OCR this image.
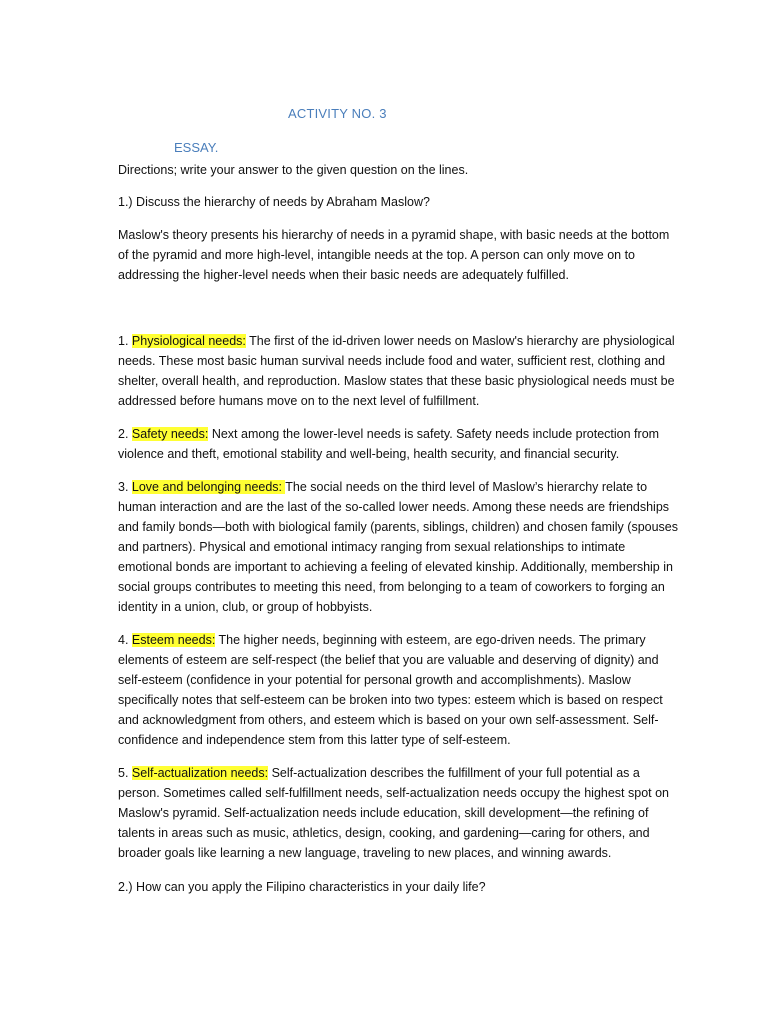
ACTIVITY NO. 3
ESSAY.

Directions; write your answer to the given question on the lines.

1.) Discuss the hierarchy of needs by Abraham Maslow?

Maslow's theory presents his hierarchy of needs in a pyramid shape, with basic needs at the bottom of the pyramid and more high-level, intangible needs at the top. A person can only move on to addressing the higher-level needs when their basic needs are adequately fulfilled.

1. Physiological needs: The first of the id-driven lower needs on Maslow's hierarchy are physiological needs. These most basic human survival needs include food and water, sufficient rest, clothing and shelter, overall health, and reproduction. Maslow states that these basic physiological needs must be addressed before humans move on to the next level of fulfillment.

2. Safety needs: Next among the lower-level needs is safety. Safety needs include protection from violence and theft, emotional stability and well-being, health security, and financial security.

3. Love and belonging needs: The social needs on the third level of Maslow’s hierarchy relate to human interaction and are the last of the so-called lower needs. Among these needs are friendships and family bonds—both with biological family (parents, siblings, children) and chosen family (spouses and partners). Physical and emotional intimacy ranging from sexual relationships to intimate emotional bonds are important to achieving a feeling of elevated kinship. Additionally, membership in social groups contributes to meeting this need, from belonging to a team of coworkers to forging an identity in a union, club, or group of hobbyists.

4. Esteem needs: The higher needs, beginning with esteem, are ego-driven needs. The primary elements of esteem are self-respect (the belief that you are valuable and deserving of dignity) and self-esteem (confidence in your potential for personal growth and accomplishments). Maslow specifically notes that self-esteem can be broken into two types: esteem which is based on respect and acknowledgment from others, and esteem which is based on your own self-assessment. Self-confidence and independence stem from this latter type of self-esteem.

5. Self-actualization needs: Self-actualization describes the fulfillment of your full potential as a person. Sometimes called self-fulfillment needs, self-actualization needs occupy the highest spot on Maslow's pyramid. Self-actualization needs include education, skill development—the refining of talents in areas such as music, athletics, design, cooking, and gardening—caring for others, and broader goals like learning a new language, traveling to new places, and winning awards.

2.) How can you apply the Filipino characteristics in your daily life?
